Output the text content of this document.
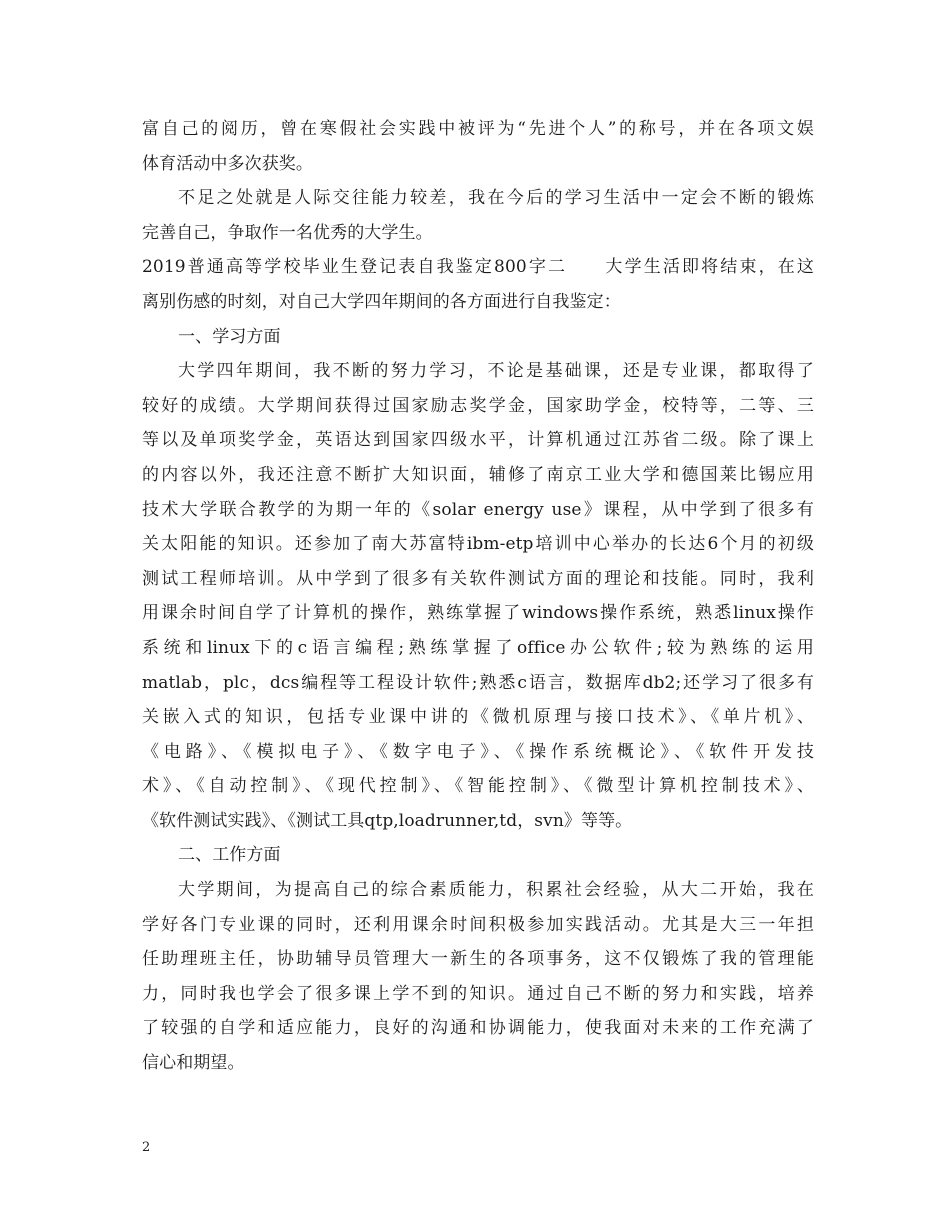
富自己的阅历，曾在寒假社会实践中被评为“先进个人”的称号，并在各项文娱
体育活动中多次获奖。
不足之处就是人际交往能力较差，我在今后的学习生活中一定会不断的锻炼
完善自己，争取作一名优秀的大学生。
2019普通高等学校毕业生登记表自我鉴定800字二　　大学生活即将结束，在这
离别伤感的时刻，对自己大学四年期间的各方面进行自我鉴定：
一、学习方面
大学四年期间，我不断的努力学习，不论是基础课，还是专业课，都取得了
较好的成绩。大学期间获得过国家励志奖学金，国家助学金，校特等，二等、三
等以及单项奖学金，英语达到国家四级水平，计算机通过江苏省二级。除了课上
的内容以外，我还注意不断扩大知识面，辅修了南京工业大学和德国莱比锡应用
技术大学联合教学的为期一年的《solar energy use》课程，从中学到了很多有
关太阳能的知识。还参加了南大苏富特ibm-etp培训中心举办的长达6个月的初级
测试工程师培训。从中学到了很多有关软件测试方面的理论和技能。同时，我利
用课余时间自学了计算机的操作，熟练掌握了windows操作系统，熟悉linux操作
系统和linux下的c语言编程;熟练掌握了office办公软件;较为熟练的运用
matlab，plc，dcs编程等工程设计软件;熟悉c语言，数据库db2;还学习了很多有
关嵌入式的知识，包括专业课中讲的《微机原理与接口技术》、《单片机》、
《电路》、《模拟电子》、《数字电子》、《操作系统概论》、《软件开发技
术》、《自动控制》、《现代控制》、《智能控制》、《微型计算机控制技术》、
《软件测试实践》、《测试工具qtp,loadrunner,td，svn》等等。
二、工作方面
大学期间，为提高自己的综合素质能力，积累社会经验，从大二开始，我在
学好各门专业课的同时，还利用课余时间积极参加实践活动。尤其是大三一年担
任助理班主任，协助辅导员管理大一新生的各项事务，这不仅锻炼了我的管理能
力，同时我也学会了很多课上学不到的知识。通过自己不断的努力和实践，培养
了较强的自学和适应能力，良好的沟通和协调能力，使我面对未来的工作充满了
信心和期望。
2
